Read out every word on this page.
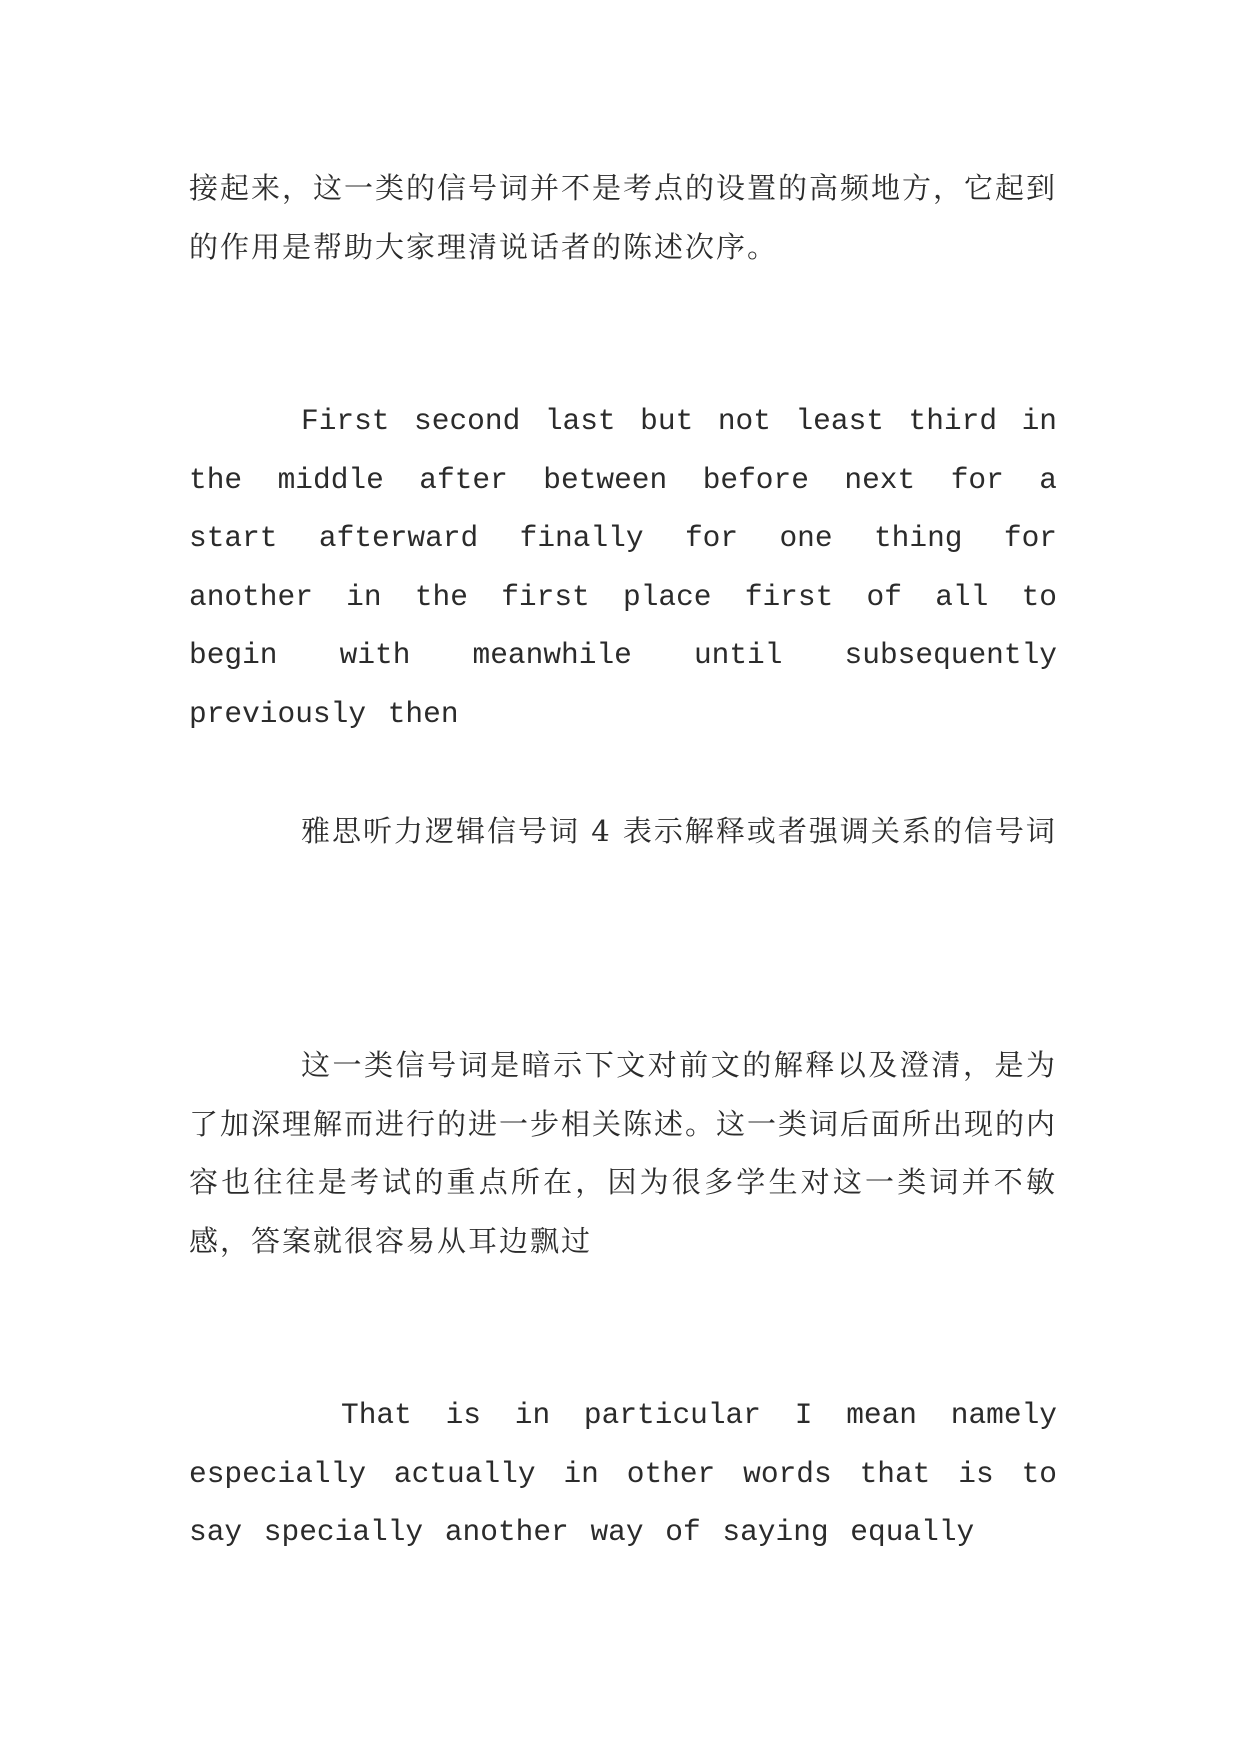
接起来，这一类的信号词并不是考点的设置的高频地方，它起到的作用是帮助大家理清说话者的陈述次序。

First second last but not least third in the middle after between before next for a start afterward finally for one thing for another in the first place first of all to begin with meanwhile until subsequently previously then

雅思听力逻辑信号词 4 表示解释或者强调关系的信号词

这一类信号词是暗示下文对前文的解释以及澄清，是为了加深理解而进行的进一步相关陈述。这一类词后面所出现的内容也往往是考试的重点所在，因为很多学生对这一类词并不敏感，答案就很容易从耳边飘过

That is in particular I mean namely especially actually in other words that is to say specially another way of saying equally
